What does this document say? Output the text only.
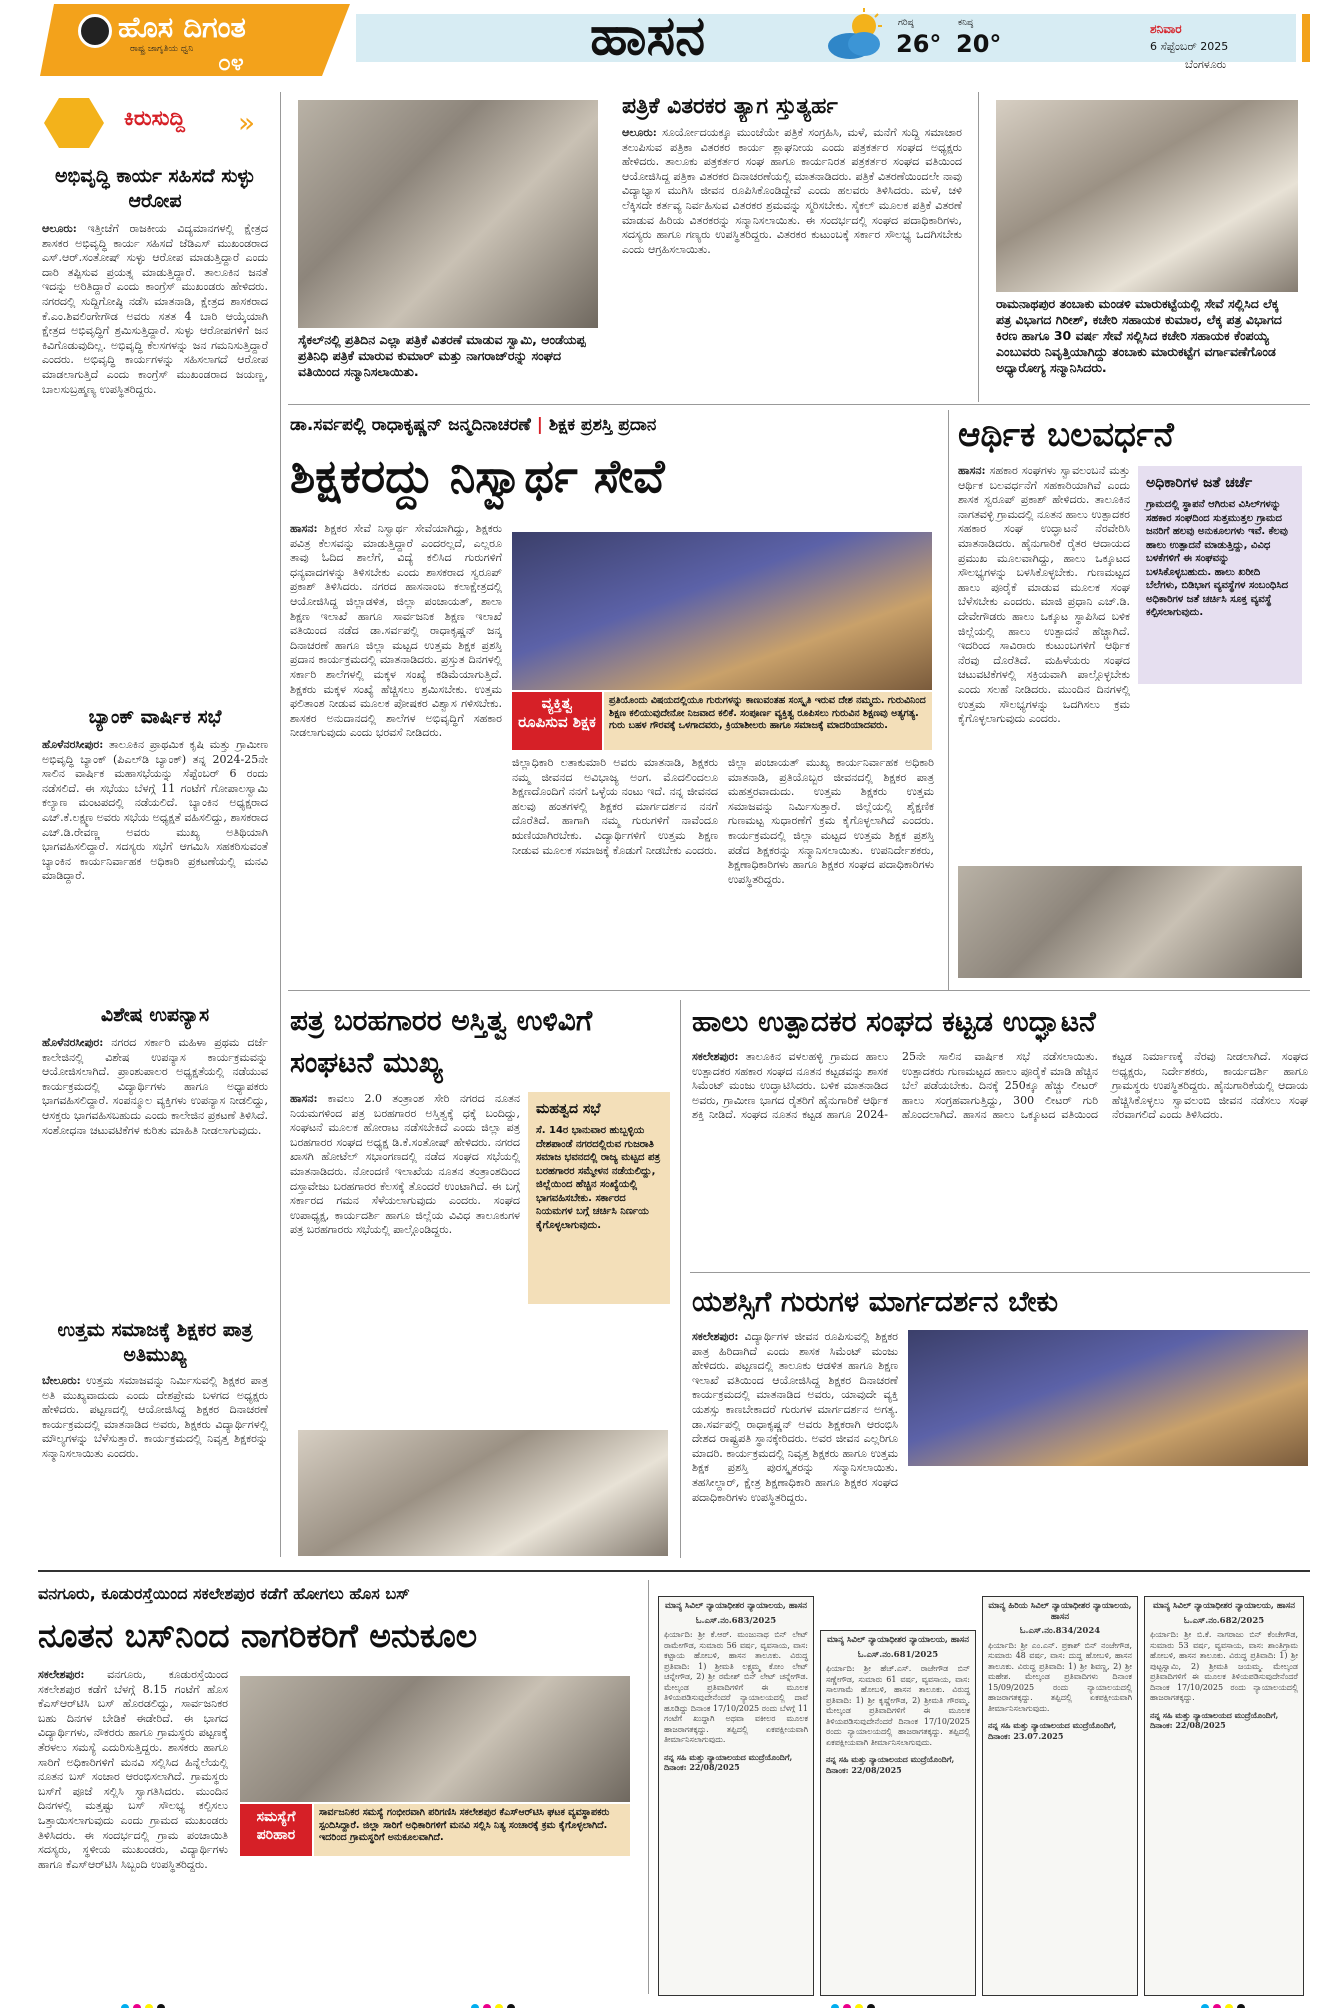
ಹೊಸ ದಿಗಂತ
ರಾಷ್ಟ್ರ ಜಾಗೃತಿಯ ಧ್ವನಿ
೦೪	ಹಾಸನ	ಗರಿಷ್ಠ
26°
ಕನಿಷ್ಠ
20°
ಶನಿವಾರ
6 ಸೆಪ್ಟೆಂಬರ್ 2025
ಬೆಂಗಳೂರು
ಕಿರುಸುದ್ದಿ	»
ಅಭಿವೃದ್ಧಿ ಕಾರ್ಯ ಸಹಿಸದೆ ಸುಳ್ಳು ಆರೋಪ

ಆಲೂರು: ಇತ್ತೀಚೆಗೆ ರಾಜಕೀಯ ವಿದ್ಯಮಾನಗಳಲ್ಲಿ ಕ್ಷೇತ್ರದ ಶಾಸಕರ ಅಭಿವೃದ್ಧಿ ಕಾರ್ಯ ಸಹಿಸದೆ ಜೆಡಿಎಸ್ ಮುಖಂಡರಾದ ಎಸ್.ಆರ್.ಸಂತೋಷ್ ಸುಳ್ಳು ಆರೋಪ ಮಾಡುತ್ತಿದ್ದಾರೆ ಎಂದು ದಾರಿ ತಪ್ಪಿಸುವ ಪ್ರಯತ್ನ ಮಾಡುತ್ತಿದ್ದಾರೆ. ತಾಲೂಕಿನ ಜನತೆ ಇದನ್ನು ಅರಿತಿದ್ದಾರೆ ಎಂದು ಕಾಂಗ್ರೆಸ್ ಮುಖಂಡರು ಹೇಳಿದರು. ನಗರದಲ್ಲಿ ಸುದ್ದಿಗೋಷ್ಠಿ ನಡೆಸಿ ಮಾತನಾಡಿ, ಕ್ಷೇತ್ರದ ಶಾಸಕರಾದ ಕೆ.ಎಂ.ಶಿವಲಿಂಗೇಗೌಡ ಅವರು ಸತತ 4 ಬಾರಿ ಆಯ್ಕೆಯಾಗಿ ಕ್ಷೇತ್ರದ ಅಭಿವೃದ್ಧಿಗೆ ಶ್ರಮಿಸುತ್ತಿದ್ದಾರೆ. ಸುಳ್ಳು ಆರೋಪಗಳಿಗೆ ಜನ ಕಿವಿಗೊಡುವುದಿಲ್ಲ. ಅಭಿವೃದ್ಧಿ ಕೆಲಸಗಳನ್ನು ಜನ ಗಮನಿಸುತ್ತಿದ್ದಾರೆ ಎಂದರು. ಅಭಿವೃದ್ಧಿ ಕಾರ್ಯಗಳನ್ನು ಸಹಿಸಲಾಗದೆ ಆರೋಪ ಮಾಡಲಾಗುತ್ತಿದೆ ಎಂದು ಕಾಂಗ್ರೆಸ್ ಮುಖಂಡರಾದ ಜಯಣ್ಣ, ಬಾಲಸುಬ್ರಹ್ಮಣ್ಯ ಉಪಸ್ಥಿತರಿದ್ದರು.

ಬ್ಯಾಂಕ್ ವಾರ್ಷಿಕ ಸಭೆ

ಹೊಳೆನರಸೀಪುರ: ತಾಲೂಕಿನ ಪ್ರಾಥಮಿಕ ಕೃಷಿ ಮತ್ತು ಗ್ರಾಮೀಣ ಅಭಿವೃದ್ಧಿ ಬ್ಯಾಂಕ್ (ಪಿಎಲ್‌ಡಿ ಬ್ಯಾಂಕ್) ತನ್ನ 2024-25ನೇ ಸಾಲಿನ ವಾರ್ಷಿಕ ಮಹಾಸಭೆಯನ್ನು ಸೆಪ್ಟೆಂಬರ್ 6 ರಂದು ನಡೆಸಲಿದೆ. ಈ ಸಭೆಯು ಬೆಳಗ್ಗೆ 11 ಗಂಟೆಗೆ ಗೋಪಾಲಸ್ವಾಮಿ ಕಲ್ಯಾಣ ಮಂಟಪದಲ್ಲಿ ನಡೆಯಲಿದೆ. ಬ್ಯಾಂಕಿನ ಅಧ್ಯಕ್ಷರಾದ ಎಚ್.ಕೆ.ಲಕ್ಷ್ಮಣ ಅವರು ಸಭೆಯ ಅಧ್ಯಕ್ಷತೆ ವಹಿಸಲಿದ್ದು, ಶಾಸಕರಾದ ಎಚ್.ಡಿ.ರೇವಣ್ಣ ಅವರು ಮುಖ್ಯ ಅತಿಥಿಯಾಗಿ ಭಾಗವಹಿಸಲಿದ್ದಾರೆ. ಸದಸ್ಯರು ಸಭೆಗೆ ಆಗಮಿಸಿ ಸಹಕರಿಸುವಂತೆ ಬ್ಯಾಂಕಿನ ಕಾರ್ಯನಿರ್ವಾಹಕ ಅಧಿಕಾರಿ ಪ್ರಕಟಣೆಯಲ್ಲಿ ಮನವಿ ಮಾಡಿದ್ದಾರೆ.

ವಿಶೇಷ ಉಪನ್ಯಾಸ

ಹೊಳೆನರಸೀಪುರ: ನಗರದ ಸರ್ಕಾರಿ ಮಹಿಳಾ ಪ್ರಥಮ ದರ್ಜೆ ಕಾಲೇಜಿನಲ್ಲಿ ವಿಶೇಷ ಉಪನ್ಯಾಸ ಕಾರ್ಯಕ್ರಮವನ್ನು ಆಯೋಜಿಸಲಾಗಿದೆ. ಪ್ರಾಂಶುಪಾಲರ ಅಧ್ಯಕ್ಷತೆಯಲ್ಲಿ ನಡೆಯುವ ಕಾರ್ಯಕ್ರಮದಲ್ಲಿ ವಿದ್ಯಾರ್ಥಿಗಳು ಹಾಗೂ ಅಧ್ಯಾಪಕರು ಭಾಗವಹಿಸಲಿದ್ದಾರೆ. ಸಂಪನ್ಮೂಲ ವ್ಯಕ್ತಿಗಳು ಉಪನ್ಯಾಸ ನೀಡಲಿದ್ದು, ಆಸಕ್ತರು ಭಾಗವಹಿಸಬಹುದು ಎಂದು ಕಾಲೇಜಿನ ಪ್ರಕಟಣೆ ತಿಳಿಸಿದೆ. ಸಂಶೋಧನಾ ಚಟುವಟಿಕೆಗಳ ಕುರಿತು ಮಾಹಿತಿ ನೀಡಲಾಗುವುದು.

ಉತ್ತಮ ಸಮಾಜಕ್ಕೆ ಶಿಕ್ಷಕರ ಪಾತ್ರ ಅತಿಮುಖ್ಯ

ಬೇಲೂರು: ಉತ್ತಮ ಸಮಾಜವನ್ನು ನಿರ್ಮಿಸುವಲ್ಲಿ ಶಿಕ್ಷಕರ ಪಾತ್ರ ಅತಿ ಮುಖ್ಯವಾದುದು ಎಂದು ದೇಶಪ್ರೇಮ ಬಳಗದ ಅಧ್ಯಕ್ಷರು ಹೇಳಿದರು. ಪಟ್ಟಣದಲ್ಲಿ ಆಯೋಜಿಸಿದ್ದ ಶಿಕ್ಷಕರ ದಿನಾಚರಣೆ ಕಾರ್ಯಕ್ರಮದಲ್ಲಿ ಮಾತನಾಡಿದ ಅವರು, ಶಿಕ್ಷಕರು ವಿದ್ಯಾರ್ಥಿಗಳಲ್ಲಿ ಮೌಲ್ಯಗಳನ್ನು ಬೆಳೆಸುತ್ತಾರೆ. ಕಾರ್ಯಕ್ರಮದಲ್ಲಿ ನಿವೃತ್ತ ಶಿಕ್ಷಕರನ್ನು ಸನ್ಮಾನಿಸಲಾಯಿತು ಎಂದರು.

ಸೈಕಲ್‌ನಲ್ಲಿ ಪ್ರತಿದಿನ ಎಲ್ಲಾ ಪತ್ರಿಕೆ ವಿತರಣೆ ಮಾಡುವ ಸ್ವಾಮಿ, ಆಂಡೆಯಪ್ಪ ಪ್ರತಿನಿಧಿ ಪತ್ರಿಕೆ ಮಾರುವ ಕುಮಾರ್ ಮತ್ತು ನಾಗರಾಜ್‌ರನ್ನು ಸಂಘದ ವತಿಯಿಂದ ಸನ್ಮಾನಿಸಲಾಯಿತು.
ಪತ್ರಿಕೆ ವಿತರಕರ ತ್ಯಾಗ ಸ್ತುತ್ಯರ್ಹ

ಆಲೂರು: ಸೂರ್ಯೋದಯಕ್ಕೂ ಮುಂಚೆಯೇ ಪತ್ರಿಕೆ ಸಂಗ್ರಹಿಸಿ, ಮಳೆ, ಮನೆಗೆ ಸುದ್ದಿ ಸಮಾಚಾರ ತಲುಪಿಸುವ ಪತ್ರಿಕಾ ವಿತರಕರ ಕಾರ್ಯ ಶ್ಲಾಘನೀಯ ಎಂದು ಪತ್ರಕರ್ತರ ಸಂಘದ ಅಧ್ಯಕ್ಷರು ಹೇಳಿದರು. ತಾಲೂಕು ಪತ್ರಕರ್ತರ ಸಂಘ ಹಾಗೂ ಕಾರ್ಯನಿರತ ಪತ್ರಕರ್ತರ ಸಂಘದ ವತಿಯಿಂದ ಆಯೋಜಿಸಿದ್ದ ಪತ್ರಿಕಾ ವಿತರಕರ ದಿನಾಚರಣೆಯಲ್ಲಿ ಮಾತನಾಡಿದರು. ಪತ್ರಿಕೆ ವಿತರಣೆಯಿಂದಲೇ ನಾವು ವಿದ್ಯಾಭ್ಯಾಸ ಮುಗಿಸಿ ಜೀವನ ರೂಪಿಸಿಕೊಂಡಿದ್ದೇವೆ ಎಂದು ಹಲವರು ತಿಳಿಸಿದರು. ಮಳೆ, ಚಳಿ ಲೆಕ್ಕಿಸದೇ ಕರ್ತವ್ಯ ನಿರ್ವಹಿಸುವ ವಿತರಕರ ಶ್ರಮವನ್ನು ಸ್ಮರಿಸಬೇಕು. ಸೈಕಲ್ ಮೂಲಕ ಪತ್ರಿಕೆ ವಿತರಣೆ ಮಾಡುವ ಹಿರಿಯ ವಿತರಕರನ್ನು ಸನ್ಮಾನಿಸಲಾಯಿತು. ಈ ಸಂದರ್ಭದಲ್ಲಿ ಸಂಘದ ಪದಾಧಿಕಾರಿಗಳು, ಸದಸ್ಯರು ಹಾಗೂ ಗಣ್ಯರು ಉಪಸ್ಥಿತರಿದ್ದರು. ವಿತರಕರ ಕುಟುಂಬಕ್ಕೆ ಸರ್ಕಾರ ಸೌಲಭ್ಯ ಒದಗಿಸಬೇಕು ಎಂದು ಆಗ್ರಹಿಸಲಾಯಿತು.

ರಾಮನಾಥಪುರ ತಂಬಾಕು ಮಂಡಳಿ ಮಾರುಕಟ್ಟೆಯಲ್ಲಿ ಸೇವೆ ಸಲ್ಲಿಸಿದ ಲೆಕ್ಕ ಪತ್ರ ವಿಭಾಗದ ಗಿರೀಶ್, ಕಚೇರಿ ಸಹಾಯಕ ಕುಮಾರ, ಲೆಕ್ಕ ಪತ್ರ ವಿಭಾಗದ ಕಿರಣ ಹಾಗೂ 30 ವರ್ಷ ಸೇವೆ ಸಲ್ಲಿಸಿದ ಕಚೇರಿ ಸಹಾಯಕ ಕೆಂಪಯ್ಯ ಎಂಬುವರು ನಿವೃತ್ತಿಯಾಗಿದ್ದು ತಂಬಾಕು ಮಾರುಕಟ್ಟೆಗ ವರ್ಗಾವಣೆಗೊಂಡ ಅಧ್ಯಾರೋಗ್ಯ ಸನ್ಮಾನಿಸಿದರು.
ಡಾ.ಸರ್ವಪಲ್ಲಿ ರಾಧಾಕೃಷ್ಣನ್ ಜನ್ಮದಿನಾಚರಣೆ | ಶಿಕ್ಷಕ ಪ್ರಶಸ್ತಿ ಪ್ರದಾನ
ಶಿಕ್ಷಕರದ್ದು ನಿಸ್ವಾರ್ಥ ಸೇವೆ

ಹಾಸನ: ಶಿಕ್ಷಕರ ಸೇವೆ ನಿಸ್ವಾರ್ಥ ಸೇವೆಯಾಗಿದ್ದು, ಶಿಕ್ಷಕರು ಪವಿತ್ರ ಕೆಲಸವನ್ನು ಮಾಡುತ್ತಿದ್ದಾರೆ ಎಂದರಲ್ಲದೆ, ಎಲ್ಲರೂ ತಾವು ಓದಿದ ಶಾಲೆಗೆ, ವಿದ್ಯೆ ಕಲಿಸಿದ ಗುರುಗಳಿಗೆ ಧನ್ಯವಾದಗಳನ್ನು ತಿಳಿಸಬೇಕು ಎಂದು ಶಾಸಕರಾದ ಸ್ವರೂಪ್ ಪ್ರಕಾಶ್ ತಿಳಿಸಿದರು. ನಗರದ ಹಾಸನಾಂಬ ಕಲಾಕ್ಷೇತ್ರದಲ್ಲಿ ಆಯೋಜಿಸಿದ್ದ ಜಿಲ್ಲಾಡಳಿತ, ಜಿಲ್ಲಾ ಪಂಚಾಯತ್, ಶಾಲಾ ಶಿಕ್ಷಣ ಇಲಾಖೆ ಹಾಗೂ ಸಾರ್ವಜನಿಕ ಶಿಕ್ಷಣ ಇಲಾಖೆ ವತಿಯಿಂದ ನಡೆದ ಡಾ.ಸರ್ವಪಲ್ಲಿ ರಾಧಾಕೃಷ್ಣನ್ ಜನ್ಮ ದಿನಾಚರಣೆ ಹಾಗೂ ಜಿಲ್ಲಾ ಮಟ್ಟದ ಉತ್ತಮ ಶಿಕ್ಷಕ ಪ್ರಶಸ್ತಿ ಪ್ರದಾನ ಕಾರ್ಯಕ್ರಮದಲ್ಲಿ ಮಾತನಾಡಿದರು. ಪ್ರಸ್ತುತ ದಿನಗಳಲ್ಲಿ ಸರ್ಕಾರಿ ಶಾಲೆಗಳಲ್ಲಿ ಮಕ್ಕಳ ಸಂಖ್ಯೆ ಕಡಿಮೆಯಾಗುತ್ತಿದೆ. ಶಿಕ್ಷಕರು ಮಕ್ಕಳ ಸಂಖ್ಯೆ ಹೆಚ್ಚಿಸಲು ಶ್ರಮಿಸಬೇಕು. ಉತ್ತಮ ಫಲಿತಾಂಶ ನೀಡುವ ಮೂಲಕ ಪೋಷಕರ ವಿಶ್ವಾಸ ಗಳಿಸಬೇಕು. ಶಾಸಕರ ಅನುದಾನದಲ್ಲಿ ಶಾಲೆಗಳ ಅಭಿವೃದ್ಧಿಗೆ ಸಹಕಾರ ನೀಡಲಾಗುವುದು ಎಂದು ಭರವಸೆ ನೀಡಿದರು.

ವ್ಯಕ್ತಿತ್ವ ರೂಪಿಸುವ ಶಿಕ್ಷಕ
ಪ್ರತಿಯೊಂದು ವಿಷಯದಲ್ಲಿಯೂ ಗುರುಗಳನ್ನು ಕಾಣುವಂತಹ ಸಂಸ್ಕೃತಿ ಇರುವ ದೇಶ ನಮ್ಮದು. ಗುರುವಿನಿಂದ ಶಿಕ್ಷಣ ಕಲಿಯುವುದೇನೋ ನಿಜವಾದ ಕಲಿಕೆ. ಸಂಪೂರ್ಣ ವ್ಯಕ್ತಿತ್ವ ರೂಪಿಸಲು ಗುರುವಿನ ಶಿಕ್ಷಣವು ಅತ್ಯಗತ್ಯ. ಗುರು ಬಹಳ ಗೌರವಕ್ಕೆ ಒಳಗಾದವರು, ಕ್ರಿಯಾಶೀಲರು ಹಾಗೂ ಸಮಾಜಕ್ಕೆ ಮಾದರಿಯಾದವರು.
ಜಿಲ್ಲಾಧಿಕಾರಿ ಲತಾಕುಮಾರಿ ಅವರು ಮಾತನಾಡಿ, ಶಿಕ್ಷಕರು ನಮ್ಮ ಜೀವನದ ಅವಿಭಾಜ್ಯ ಅಂಗ. ಮೊದಲಿಂದಲೂ ಶಿಕ್ಷಣದೊಂದಿಗೆ ನನಗೆ ಒಳ್ಳೆಯ ನಂಟು ಇದೆ. ನನ್ನ ಜೀವನದ ಹಲವು ಹಂತಗಳಲ್ಲಿ ಶಿಕ್ಷಕರ ಮಾರ್ಗದರ್ಶನ ನನಗೆ ದೊರೆತಿದೆ. ಹಾಗಾಗಿ ನಮ್ಮ ಗುರುಗಳಿಗೆ ನಾವೆಂದೂ ಋಣಿಯಾಗಿರಬೇಕು. ವಿದ್ಯಾರ್ಥಿಗಳಿಗೆ ಉತ್ತಮ ಶಿಕ್ಷಣ ನೀಡುವ ಮೂಲಕ ಸಮಾಜಕ್ಕೆ ಕೊಡುಗೆ ನೀಡಬೇಕು ಎಂದರು.
ಜಿಲ್ಲಾ ಪಂಚಾಯತ್ ಮುಖ್ಯ ಕಾರ್ಯನಿರ್ವಾಹಕ ಅಧಿಕಾರಿ ಮಾತನಾಡಿ, ಪ್ರತಿಯೊಬ್ಬರ ಜೀವನದಲ್ಲಿ ಶಿಕ್ಷಕರ ಪಾತ್ರ ಮಹತ್ತರವಾದುದು. ಉತ್ತಮ ಶಿಕ್ಷಕರು ಉತ್ತಮ ಸಮಾಜವನ್ನು ನಿರ್ಮಿಸುತ್ತಾರೆ. ಜಿಲ್ಲೆಯಲ್ಲಿ ಶೈಕ್ಷಣಿಕ ಗುಣಮಟ್ಟ ಸುಧಾರಣೆಗೆ ಕ್ರಮ ಕೈಗೊಳ್ಳಲಾಗಿದೆ ಎಂದರು. ಕಾರ್ಯಕ್ರಮದಲ್ಲಿ ಜಿಲ್ಲಾ ಮಟ್ಟದ ಉತ್ತಮ ಶಿಕ್ಷಕ ಪ್ರಶಸ್ತಿ ಪಡೆದ ಶಿಕ್ಷಕರನ್ನು ಸನ್ಮಾನಿಸಲಾಯಿತು. ಉಪನಿರ್ದೇಶಕರು, ಶಿಕ್ಷಣಾಧಿಕಾರಿಗಳು ಹಾಗೂ ಶಿಕ್ಷಕರ ಸಂಘದ ಪದಾಧಿಕಾರಿಗಳು ಉಪಸ್ಥಿತರಿದ್ದರು.
ಆರ್ಥಿಕ ಬಲವರ್ಧನೆ

ಹಾಸನ: ಸಹಕಾರ ಸಂಘಗಳು ಸ್ವಾವಲಂಬನೆ ಮತ್ತು ಆರ್ಥಿಕ ಬಲವರ್ಧನೆಗೆ ಸಹಕಾರಿಯಾಗಿವೆ ಎಂದು ಶಾಸಕ ಸ್ವರೂಪ್ ಪ್ರಕಾಶ್ ಹೇಳಿದರು. ತಾಲೂಕಿನ ನಾಗತವಳ್ಳಿ ಗ್ರಾಮದಲ್ಲಿ ನೂತನ ಹಾಲು ಉತ್ಪಾದಕರ ಸಹಕಾರ ಸಂಘ ಉದ್ಘಾಟನೆ ನೆರವೇರಿಸಿ ಮಾತನಾಡಿದರು. ಹೈನುಗಾರಿಕೆ ರೈತರ ಆದಾಯದ ಪ್ರಮುಖ ಮೂಲವಾಗಿದ್ದು, ಹಾಲು ಒಕ್ಕೂಟದ ಸೌಲಭ್ಯಗಳನ್ನು ಬಳಸಿಕೊಳ್ಳಬೇಕು. ಗುಣಮಟ್ಟದ ಹಾಲು ಪೂರೈಕೆ ಮಾಡುವ ಮೂಲಕ ಸಂಘ ಬೆಳೆಸಬೇಕು ಎಂದರು. ಮಾಜಿ ಪ್ರಧಾನಿ ಎಚ್.ಡಿ. ದೇವೇಗೌಡರು ಹಾಲು ಒಕ್ಕೂಟ ಸ್ಥಾಪಿಸಿದ ಬಳಿಕ ಜಿಲ್ಲೆಯಲ್ಲಿ ಹಾಲು ಉತ್ಪಾದನೆ ಹೆಚ್ಚಾಗಿದೆ. ಇದರಿಂದ ಸಾವಿರಾರು ಕುಟುಂಬಗಳಿಗೆ ಆರ್ಥಿಕ ನೆರವು ದೊರೆತಿದೆ. ಮಹಿಳೆಯರು ಸಂಘದ ಚಟುವಟಿಕೆಗಳಲ್ಲಿ ಸಕ್ರಿಯವಾಗಿ ಪಾಲ್ಗೊಳ್ಳಬೇಕು ಎಂದು ಸಲಹೆ ನೀಡಿದರು. ಮುಂದಿನ ದಿನಗಳಲ್ಲಿ ಉತ್ತಮ ಸೌಲಭ್ಯಗಳನ್ನು ಒದಗಿಸಲು ಕ್ರಮ ಕೈಗೊಳ್ಳಲಾಗುವುದು ಎಂದರು.

ಅಧಿಕಾರಿಗಳ ಜತೆ ಚರ್ಚೆ
ಗ್ರಾಮದಲ್ಲಿ ಸ್ಥಾಪನೆ ಆಗಿರುವ ವಿಸಿಲ್‌ಗಳನ್ನು ಸಹಕಾರ ಸಂಘದಿಂದ ಸುತ್ತಮುತ್ತಲ ಗ್ರಾಮದ ಜನರಿಗೆ ಹಲವು ಅನುಕೂಲಗಳು ಇವೆ. ಕೆಲವು ಹಾಲು ಉತ್ಪಾದನೆ ಮಾಡುತ್ತಿದ್ದು, ವಿವಿಧ ಬಳಕೆಗಳಿಗೆ ಈ ಸಂಘವನ್ನು ಬಳಸಿಕೊಳ್ಳಬಹುದು. ಹಾಲು ಖರೀದಿ ಬೆಲೆಗಳು, ಬಿಡಿಭಾಗ ವ್ಯವಸ್ಥೆಗಳ ಸಂಬಂಧಿಸಿದ ಅಧಿಕಾರಿಗಳ ಜತೆ ಚರ್ಚಿಸಿ ಸೂಕ್ತ ವ್ಯವಸ್ಥೆ ಕಲ್ಪಿಸಲಾಗುವುದು.
ಪತ್ರ ಬರಹಗಾರರ ಅಸ್ತಿತ್ವ ಉಳಿವಿಗೆ ಸಂಘಟನೆ ಮುಖ್ಯ

ಹಾಸನ: ಕಾವಲು 2.0 ತಂತ್ರಾಂಶ ಸೇರಿ ನಗರದ ನೂತನ ನಿಯಮಗಳಿಂದ ಪತ್ರ ಬರಹಗಾರರ ಅಸ್ತಿತ್ವಕ್ಕೆ ಧಕ್ಕೆ ಬಂದಿದ್ದು, ಸಂಘಟನೆ ಮೂಲಕ ಹೋರಾಟ ನಡೆಸಬೇಕಿದೆ ಎಂದು ಜಿಲ್ಲಾ ಪತ್ರ ಬರಹಗಾರರ ಸಂಘದ ಅಧ್ಯಕ್ಷ ಡಿ.ಕೆ.ಸಂತೋಷ್ ಹೇಳಿದರು. ನಗರದ ಖಾಸಗಿ ಹೋಟೆಲ್ ಸಭಾಂಗಣದಲ್ಲಿ ನಡೆದ ಸಂಘದ ಸಭೆಯಲ್ಲಿ ಮಾತನಾಡಿದರು. ನೋಂದಣಿ ಇಲಾಖೆಯ ನೂತನ ತಂತ್ರಾಂಶದಿಂದ ದಸ್ತಾವೇಜು ಬರಹಗಾರರ ಕೆಲಸಕ್ಕೆ ತೊಂದರೆ ಉಂಟಾಗಿದೆ. ಈ ಬಗ್ಗೆ ಸರ್ಕಾರದ ಗಮನ ಸೆಳೆಯಲಾಗುವುದು ಎಂದರು. ಸಂಘದ ಉಪಾಧ್ಯಕ್ಷ, ಕಾರ್ಯದರ್ಶಿ ಹಾಗೂ ಜಿಲ್ಲೆಯ ವಿವಿಧ ತಾಲೂಕುಗಳ ಪತ್ರ ಬರಹಗಾರರು ಸಭೆಯಲ್ಲಿ ಪಾಲ್ಗೊಂಡಿದ್ದರು.

ಮಹತ್ವದ ಸಭೆ
ಸೆ. 14ರ ಭಾನುವಾರ ಹುಬ್ಬಳ್ಳಿಯ ದೇಶಪಾಂಡೆ ನಗರದಲ್ಲಿರುವ ಗುಜರಾತಿ ಸಮಾಜ ಭವನದಲ್ಲಿ ರಾಜ್ಯ ಮಟ್ಟದ ಪತ್ರ ಬರಹಗಾರರ ಸಮ್ಮೇಳನ ನಡೆಯಲಿದ್ದು, ಜಿಲ್ಲೆಯಿಂದ ಹೆಚ್ಚಿನ ಸಂಖ್ಯೆಯಲ್ಲಿ ಭಾಗವಹಿಸಬೇಕು. ಸರ್ಕಾರದ ನಿಯಮಗಳ ಬಗ್ಗೆ ಚರ್ಚಿಸಿ ನಿರ್ಣಯ ಕೈಗೊಳ್ಳಲಾಗುವುದು.
ಹಾಲು ಉತ್ಪಾದಕರ ಸಂಘದ ಕಟ್ಟಡ ಉದ್ಘಾಟನೆ

ಸಕಲೇಶಪುರ: ತಾಲೂಕಿನ ವಳಲಹಳ್ಳಿ ಗ್ರಾಮದ ಹಾಲು ಉತ್ಪಾದಕರ ಸಹಕಾರ ಸಂಘದ ನೂತನ ಕಟ್ಟಡವನ್ನು ಶಾಸಕ ಸಿಮೆಂಟ್ ಮಂಜು ಉದ್ಘಾಟಿಸಿದರು. ಬಳಿಕ ಮಾತನಾಡಿದ ಅವರು, ಗ್ರಾಮೀಣ ಭಾಗದ ರೈತರಿಗೆ ಹೈನುಗಾರಿಕೆ ಆರ್ಥಿಕ ಶಕ್ತಿ ನೀಡಿದೆ. ಸಂಘದ ನೂತನ ಕಟ್ಟಡ ಹಾಗೂ 2024-25ನೇ ಸಾಲಿನ ವಾರ್ಷಿಕ ಸಭೆ ನಡೆಸಲಾಯಿತು. ಉತ್ಪಾದಕರು ಗುಣಮಟ್ಟದ ಹಾಲು ಪೂರೈಕೆ ಮಾಡಿ ಹೆಚ್ಚಿನ ಬೆಲೆ ಪಡೆಯಬೇಕು. ದಿನಕ್ಕೆ 250ಕ್ಕೂ ಹೆಚ್ಚು ಲೀಟರ್ ಹಾಲು ಸಂಗ್ರಹವಾಗುತ್ತಿದ್ದು, 300 ಲೀಟರ್ ಗುರಿ ಹೊಂದಲಾಗಿದೆ. ಹಾಸನ ಹಾಲು ಒಕ್ಕೂಟದ ವತಿಯಿಂದ ಕಟ್ಟಡ ನಿರ್ಮಾಣಕ್ಕೆ ನೆರವು ನೀಡಲಾಗಿದೆ. ಸಂಘದ ಅಧ್ಯಕ್ಷರು, ನಿರ್ದೇಶಕರು, ಕಾರ್ಯದರ್ಶಿ ಹಾಗೂ ಗ್ರಾಮಸ್ಥರು ಉಪಸ್ಥಿತರಿದ್ದರು. ಹೈನುಗಾರಿಕೆಯಲ್ಲಿ ಆದಾಯ ಹೆಚ್ಚಿಸಿಕೊಳ್ಳಲು ಸ್ವಾವಲಂಬಿ ಜೀವನ ನಡೆಸಲು ಸಂಘ ನೆರವಾಗಲಿದೆ ಎಂದು ತಿಳಿಸಿದರು.

ಯಶಸ್ಸಿಗೆ ಗುರುಗಳ ಮಾರ್ಗದರ್ಶನ ಬೇಕು

ಸಕಲೇಶಪುರ: ವಿದ್ಯಾರ್ಥಿಗಳ ಜೀವನ ರೂಪಿಸುವಲ್ಲಿ ಶಿಕ್ಷಕರ ಪಾತ್ರ ಹಿರಿದಾಗಿದೆ ಎಂದು ಶಾಸಕ ಸಿಮೆಂಟ್ ಮಂಜು ಹೇಳಿದರು. ಪಟ್ಟಣದಲ್ಲಿ ತಾಲೂಕು ಆಡಳಿತ ಹಾಗೂ ಶಿಕ್ಷಣ ಇಲಾಖೆ ವತಿಯಿಂದ ಆಯೋಜಿಸಿದ್ದ ಶಿಕ್ಷಕರ ದಿನಾಚರಣೆ ಕಾರ್ಯಕ್ರಮದಲ್ಲಿ ಮಾತನಾಡಿದ ಅವರು, ಯಾವುದೇ ವ್ಯಕ್ತಿ ಯಶಸ್ಸು ಕಾಣಬೇಕಾದರೆ ಗುರುಗಳ ಮಾರ್ಗದರ್ಶನ ಅಗತ್ಯ. ಡಾ.ಸರ್ವಪಲ್ಲಿ ರಾಧಾಕೃಷ್ಣನ್ ಅವರು ಶಿಕ್ಷಕರಾಗಿ ಆರಂಭಿಸಿ ದೇಶದ ರಾಷ್ಟ್ರಪತಿ ಸ್ಥಾನಕ್ಕೇರಿದರು. ಅವರ ಜೀವನ ಎಲ್ಲರಿಗೂ ಮಾದರಿ. ಕಾರ್ಯಕ್ರಮದಲ್ಲಿ ನಿವೃತ್ತ ಶಿಕ್ಷಕರು ಹಾಗೂ ಉತ್ತಮ ಶಿಕ್ಷಕ ಪ್ರಶಸ್ತಿ ಪುರಸ್ಕೃತರನ್ನು ಸನ್ಮಾನಿಸಲಾಯಿತು. ತಹಸೀಲ್ದಾರ್, ಕ್ಷೇತ್ರ ಶಿಕ್ಷಣಾಧಿಕಾರಿ ಹಾಗೂ ಶಿಕ್ಷಕರ ಸಂಘದ ಪದಾಧಿಕಾರಿಗಳು ಉಪಸ್ಥಿತರಿದ್ದರು.

ವನಗೂರು, ಕೂಡುರಸ್ತೆಯಿಂದ ಸಕಲೇಶಪುರ ಕಡೆಗೆ ಹೋಗಲು ಹೊಸ ಬಸ್
ನೂತನ ಬಸ್‌ನಿಂದ ನಾಗರಿಕರಿಗೆ ಅನುಕೂಲ

ಸಕಲೇಶಪುರ: ವನಗೂರು, ಕೂಡುರಸ್ತೆಯಿಂದ ಸಕಲೇಶಪುರ ಕಡೆಗೆ ಬೆಳಗ್ಗೆ 8.15 ಗಂಟೆಗೆ ಹೊಸ ಕೆಎಸ್‌ಆರ್‌ಟಿಸಿ ಬಸ್ ಹೊರಡಲಿದ್ದು, ಸಾರ್ವಜನಿಕರ ಬಹು ದಿನಗಳ ಬೇಡಿಕೆ ಈಡೇರಿದೆ. ಈ ಭಾಗದ ವಿದ್ಯಾರ್ಥಿಗಳು, ನೌಕರರು ಹಾಗೂ ಗ್ರಾಮಸ್ಥರು ಪಟ್ಟಣಕ್ಕೆ ತೆರಳಲು ಸಮಸ್ಯೆ ಎದುರಿಸುತ್ತಿದ್ದರು. ಶಾಸಕರು ಹಾಗೂ ಸಾರಿಗೆ ಅಧಿಕಾರಿಗಳಿಗೆ ಮನವಿ ಸಲ್ಲಿಸಿದ ಹಿನ್ನೆಲೆಯಲ್ಲಿ ನೂತನ ಬಸ್ ಸಂಚಾರ ಆರಂಭಿಸಲಾಗಿದೆ. ಗ್ರಾಮಸ್ಥರು ಬಸ್‌ಗೆ ಪೂಜೆ ಸಲ್ಲಿಸಿ ಸ್ವಾಗತಿಸಿದರು. ಮುಂದಿನ ದಿನಗಳಲ್ಲಿ ಮತ್ತಷ್ಟು ಬಸ್ ಸೌಲಭ್ಯ ಕಲ್ಪಿಸಲು ಒತ್ತಾಯಿಸಲಾಗುವುದು ಎಂದು ಗ್ರಾಮದ ಮುಖಂಡರು ತಿಳಿಸಿದರು. ಈ ಸಂದರ್ಭದಲ್ಲಿ ಗ್ರಾಮ ಪಂಚಾಯಿತಿ ಸದಸ್ಯರು, ಸ್ಥಳೀಯ ಮುಖಂಡರು, ವಿದ್ಯಾರ್ಥಿಗಳು ಹಾಗೂ ಕೆಎಸ್‌ಆರ್‌ಟಿಸಿ ಸಿಬ್ಬಂದಿ ಉಪಸ್ಥಿತರಿದ್ದರು.

ಸಮಸ್ಯೆಗೆ ಪರಿಹಾರ
ಸಾರ್ವಜನಿಕರ ಸಮಸ್ಯೆ ಗಂಭೀರವಾಗಿ ಪರಿಗಣಿಸಿ ಸಕಲೇಶಪುರ ಕೆಎಸ್‌ಆರ್‌ಟಿಸಿ ಘಟಕ ವ್ಯವಸ್ಥಾಪಕರು ಸ್ಪಂದಿಸಿದ್ದಾರೆ. ಜಿಲ್ಲಾ ಸಾರಿಗೆ ಅಧಿಕಾರಿಗಳಿಗೆ ಮನವಿ ಸಲ್ಲಿಸಿ ನಿತ್ಯ ಸಂಚಾರಕ್ಕೆ ಕ್ರಮ ಕೈಗೊಳ್ಳಲಾಗಿದೆ. ಇದರಿಂದ ಗ್ರಾಮಸ್ಥರಿಗೆ ಅನುಕೂಲವಾಗಿದೆ.
ಮಾನ್ಯ ಸಿವಿಲ್ ನ್ಯಾಯಾಧೀಶರ ನ್ಯಾಯಾಲಯ, ಹಾಸನ
ಓ.ಎಸ್.ನಂ.683/2025
ಫಿರ್ಯಾದಿ: ಶ್ರೀ ಕೆ.ಆರ್. ಮಂಜುನಾಥ ಬಿನ್ ಲೇಟ್ ರಾಮೇಗೌಡ, ಸುಮಾರು 56 ವರ್ಷ, ವ್ಯವಸಾಯ, ವಾಸ: ಕಟ್ಟಾಯ ಹೋಬಳಿ, ಹಾಸನ ತಾಲೂಕು. ವಿರುದ್ಧ ಪ್ರತಿವಾದಿ: 1) ಶ್ರೀಮತಿ ಲಕ್ಷ್ಮಮ್ಮ ಕೋಂ ಲೇಟ್ ಚನ್ನೇಗೌಡ, 2) ಶ್ರೀ ರಮೇಶ್ ಬಿನ್ ಲೇಟ್ ಚನ್ನೇಗೌಡ. ಮೇಲ್ಕಂಡ ಪ್ರತಿವಾದಿಗಳಿಗೆ ಈ ಮೂಲಕ ತಿಳಿಯಪಡಿಸುವುದೇನೆಂದರೆ ನ್ಯಾಯಾಲಯದಲ್ಲಿ ದಾವೆ ಹೂಡಿದ್ದು ದಿನಾಂಕ 17/10/2025 ರಂದು ಬೆಳಗ್ಗೆ 11 ಗಂಟೆಗೆ ಖುದ್ದಾಗಿ ಅಥವಾ ವಕೀಲರ ಮೂಲಕ ಹಾಜರಾಗತಕ್ಕದ್ದು. ತಪ್ಪಿದಲ್ಲಿ ಏಕಪಕ್ಷೀಯವಾಗಿ ತೀರ್ಮಾನಿಸಲಾಗುವುದು.
ನನ್ನ ಸಹಿ ಮತ್ತು ನ್ಯಾಯಾಲಯದ ಮುದ್ರೆಯೊಂದಿಗೆ, ದಿನಾಂಕ: 22/08/2025
ಮಾನ್ಯ ಸಿವಿಲ್ ನ್ಯಾಯಾಧೀಶರ ನ್ಯಾಯಾಲಯ, ಹಾಸನ
ಓ.ಎಸ್.ನಂ.681/2025
ಫಿರ್ಯಾದಿ: ಶ್ರೀ ಹೆಚ್.ಎಸ್. ರಾಜೇಗೌಡ ಬಿನ್ ಸಣ್ಣೇಗೌಡ, ಸುಮಾರು 61 ವರ್ಷ, ವ್ಯವಸಾಯ, ವಾಸ: ಸಾಲಗಾಮೆ ಹೋಬಳಿ, ಹಾಸನ ತಾಲೂಕು. ವಿರುದ್ಧ ಪ್ರತಿವಾದಿ: 1) ಶ್ರೀ ಕೃಷ್ಣೇಗೌಡ, 2) ಶ್ರೀಮತಿ ಗೌರಮ್ಮ. ಮೇಲ್ಕಂಡ ಪ್ರತಿವಾದಿಗಳಿಗೆ ಈ ಮೂಲಕ ತಿಳಿಯಪಡಿಸುವುದೇನೆಂದರೆ ದಿನಾಂಕ 17/10/2025 ರಂದು ನ್ಯಾಯಾಲಯದಲ್ಲಿ ಹಾಜರಾಗತಕ್ಕದ್ದು. ತಪ್ಪಿದಲ್ಲಿ ಏಕಪಕ್ಷೀಯವಾಗಿ ತೀರ್ಮಾನಿಸಲಾಗುವುದು.
ನನ್ನ ಸಹಿ ಮತ್ತು ನ್ಯಾಯಾಲಯದ ಮುದ್ರೆಯೊಂದಿಗೆ, ದಿನಾಂಕ: 22/08/2025
ಮಾನ್ಯ ಹಿರಿಯ ಸಿವಿಲ್ ನ್ಯಾಯಾಧೀಶರ ನ್ಯಾಯಾಲಯ, ಹಾಸನ
ಓ.ಎಸ್.ನಂ.834/2024
ಫಿರ್ಯಾದಿ: ಶ್ರೀ ಎಂ.ಎನ್. ಪ್ರಕಾಶ್ ಬಿನ್ ನಂಜೇಗೌಡ, ಸುಮಾರು 48 ವರ್ಷ, ವಾಸ: ದುದ್ದ ಹೋಬಳಿ, ಹಾಸನ ತಾಲೂಕು. ವಿರುದ್ಧ ಪ್ರತಿವಾದಿ: 1) ಶ್ರೀ ಶಿವಣ್ಣ, 2) ಶ್ರೀ ಮಹೇಶ. ಮೇಲ್ಕಂಡ ಪ್ರತಿವಾದಿಗಳು ದಿನಾಂಕ 15/09/2025 ರಂದು ನ್ಯಾಯಾಲಯದಲ್ಲಿ ಹಾಜರಾಗತಕ್ಕದ್ದು. ತಪ್ಪಿದಲ್ಲಿ ಏಕಪಕ್ಷೀಯವಾಗಿ ತೀರ್ಮಾನಿಸಲಾಗುವುದು.
ನನ್ನ ಸಹಿ ಮತ್ತು ನ್ಯಾಯಾಲಯದ ಮುದ್ರೆಯೊಂದಿಗೆ, ದಿನಾಂಕ: 23.07.2025
ಮಾನ್ಯ ಸಿವಿಲ್ ನ್ಯಾಯಾಧೀಶರ ನ್ಯಾಯಾಲಯ, ಹಾಸನ
ಓ.ಎಸ್.ನಂ.682/2025
ಫಿರ್ಯಾದಿ: ಶ್ರೀ ಬಿ.ಕೆ. ನಾಗರಾಜು ಬಿನ್ ಕೆಂಚೇಗೌಡ, ಸುಮಾರು 53 ವರ್ಷ, ವ್ಯವಸಾಯ, ವಾಸ: ಶಾಂತಿಗ್ರಾಮ ಹೋಬಳಿ, ಹಾಸನ ತಾಲೂಕು. ವಿರುದ್ಧ ಪ್ರತಿವಾದಿ: 1) ಶ್ರೀ ಪುಟ್ಟಸ್ವಾಮಿ, 2) ಶ್ರೀಮತಿ ಜಯಮ್ಮ. ಮೇಲ್ಕಂಡ ಪ್ರತಿವಾದಿಗಳಿಗೆ ಈ ಮೂಲಕ ತಿಳಿಯಪಡಿಸುವುದೇನೆಂದರೆ ದಿನಾಂಕ 17/10/2025 ರಂದು ನ್ಯಾಯಾಲಯದಲ್ಲಿ ಹಾಜರಾಗತಕ್ಕದ್ದು.
ನನ್ನ ಸಹಿ ಮತ್ತು ನ್ಯಾಯಾಲಯದ ಮುದ್ರೆಯೊಂದಿಗೆ, ದಿನಾಂಕ: 22/08/2025
